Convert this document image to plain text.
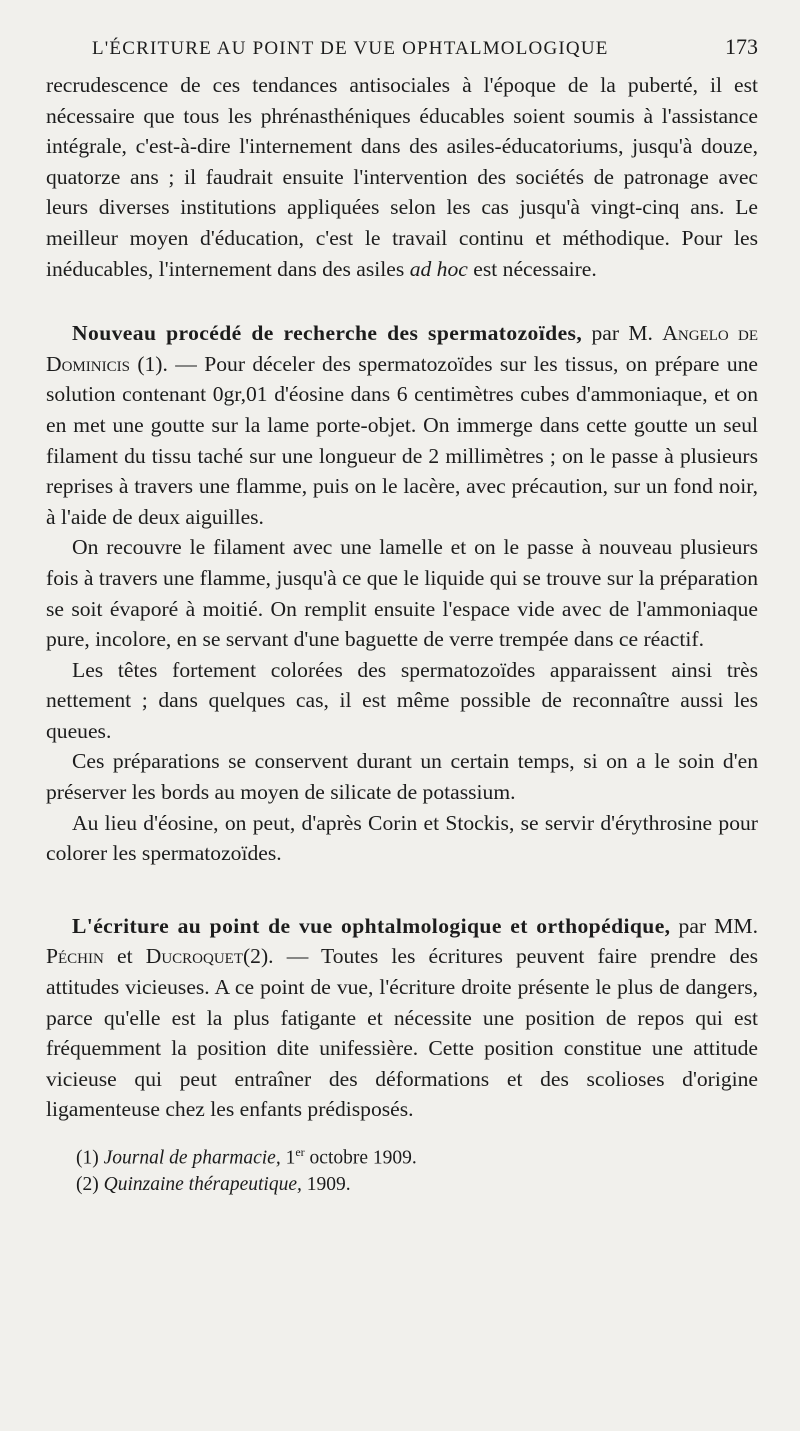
L'ÉCRITURE AU POINT DE VUE OPHTALMOLOGIQUE	173

recrudescence de ces tendances antisociales à l'époque de la puberté, il est nécessaire que tous les phrénasthéniques éducables soient soumis à l'assistance intégrale, c'est-à-dire l'internement dans des asiles-éducatoriums, jusqu'à douze, quatorze ans ; il faudrait ensuite l'intervention des sociétés de patronage avec leurs diverses institutions appliquées selon les cas jusqu'à vingt-cinq ans. Le meilleur moyen d'éducation, c'est le travail continu et méthodique. Pour les inéducables, l'internement dans des asiles ad hoc est nécessaire.

Nouveau procédé de recherche des spermatozoïdes, par M. Angelo de Dominicis (1). — Pour déceler des spermatozoïdes sur les tissus, on prépare une solution contenant 0gr,01 d'éosine dans 6 centimètres cubes d'ammoniaque, et on en met une goutte sur la lame porte-objet. On immerge dans cette goutte un seul filament du tissu taché sur une longueur de 2 millimètres ; on le passe à plusieurs reprises à travers une flamme, puis on le lacère, avec précaution, sur un fond noir, à l'aide de deux aiguilles.

On recouvre le filament avec une lamelle et on le passe à nouveau plusieurs fois à travers une flamme, jusqu'à ce que le liquide qui se trouve sur la préparation se soit évaporé à moitié. On remplit ensuite l'espace vide avec de l'ammoniaque pure, incolore, en se servant d'une baguette de verre trempée dans ce réactif.

Les têtes fortement colorées des spermatozoïdes apparaissent ainsi très nettement ; dans quelques cas, il est même possible de reconnaître aussi les queues.

Ces préparations se conservent durant un certain temps, si on a le soin d'en préserver les bords au moyen de silicate de potassium.

Au lieu d'éosine, on peut, d'après Corin et Stockis, se servir d'érythrosine pour colorer les spermatozoïdes.

L'écriture au point de vue ophtalmologique et orthopédique, par MM. Péchin et Ducroquet(2). — Toutes les écritures peuvent faire prendre des attitudes vicieuses. A ce point de vue, l'écriture droite présente le plus de dangers, parce qu'elle est la plus fatigante et nécessite une position de repos qui est fréquemment la position dite unifessière. Cette position constitue une attitude vicieuse qui peut entraîner des déformations et des scolioses d'origine ligamenteuse chez les enfants prédisposés.

(1) Journal de pharmacie, 1er octobre 1909.
(2) Quinzaine thérapeutique, 1909.
